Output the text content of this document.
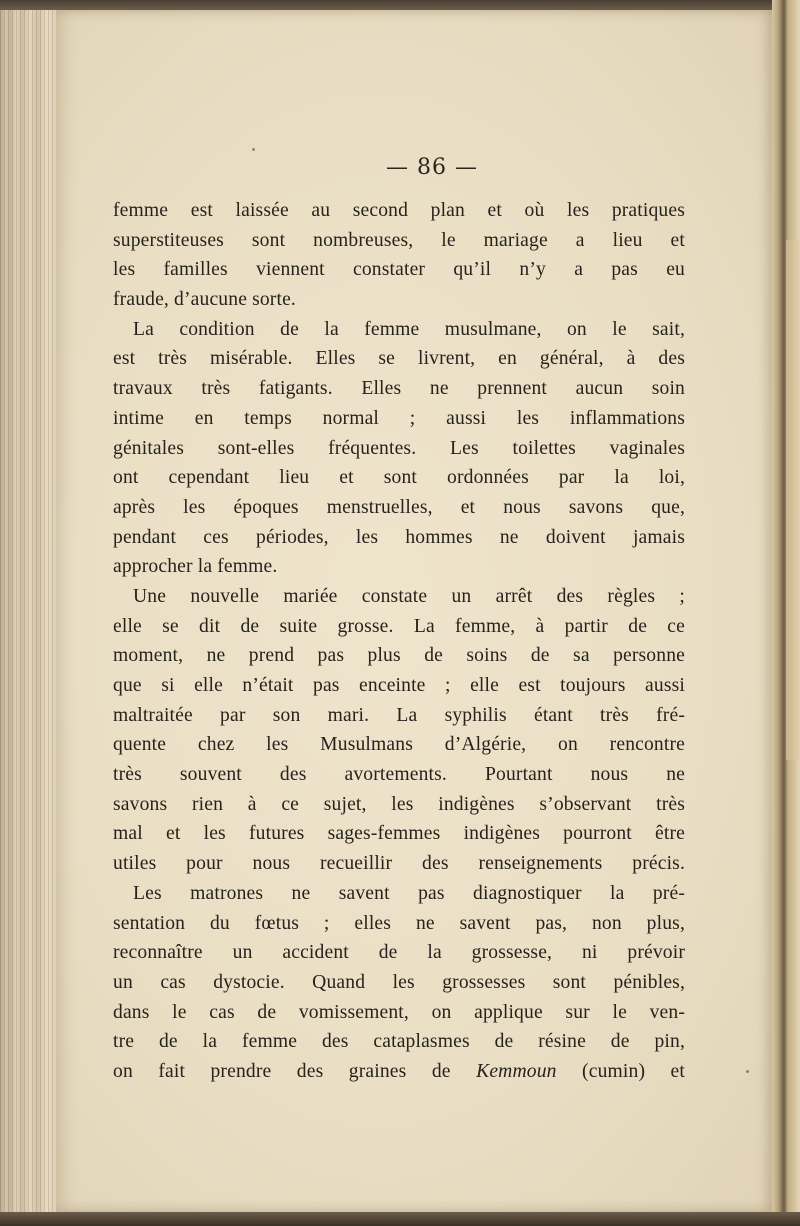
— 86 —
femme est laissée au second plan et où les pratiques
superstiteuses sont nombreuses, le mariage a lieu et
les familles viennent constater qu’il n’y a pas eu
fraude, d’aucune sorte.
La condition de la femme musulmane, on le sait,
est très misérable. Elles se livrent, en général, à des
travaux très fatigants. Elles ne prennent aucun soin
intime en temps normal ; aussi les inflammations
génitales sont-elles fréquentes. Les toilettes vaginales
ont cependant lieu et sont ordonnées par la loi,
après les époques menstruelles, et nous savons que,
pendant ces périodes, les hommes ne doivent jamais
approcher la femme.
Une nouvelle mariée constate un arrêt des règles ;
elle se dit de suite grosse. La femme, à partir de ce
moment, ne prend pas plus de soins de sa personne
que si elle n’était pas enceinte ; elle est toujours aussi
maltraitée par son mari. La syphilis étant très fré-
quente chez les Musulmans d’Algérie, on rencontre
très souvent des avortements. Pourtant nous ne
savons rien à ce sujet, les indigènes s’observant très
mal et les futures sages-femmes indigènes pourront être
utiles pour nous recueillir des renseignements précis.
Les matrones ne savent pas diagnostiquer la pré-
sentation du fœtus ; elles ne savent pas, non plus,
reconnaître un accident de la grossesse, ni prévoir
un cas dystocie. Quand les grossesses sont pénibles,
dans le cas de vomissement, on applique sur le ven-
tre de la femme des cataplasmes de résine de pin,
on fait prendre des graines de Kemmoun (cumin) et
